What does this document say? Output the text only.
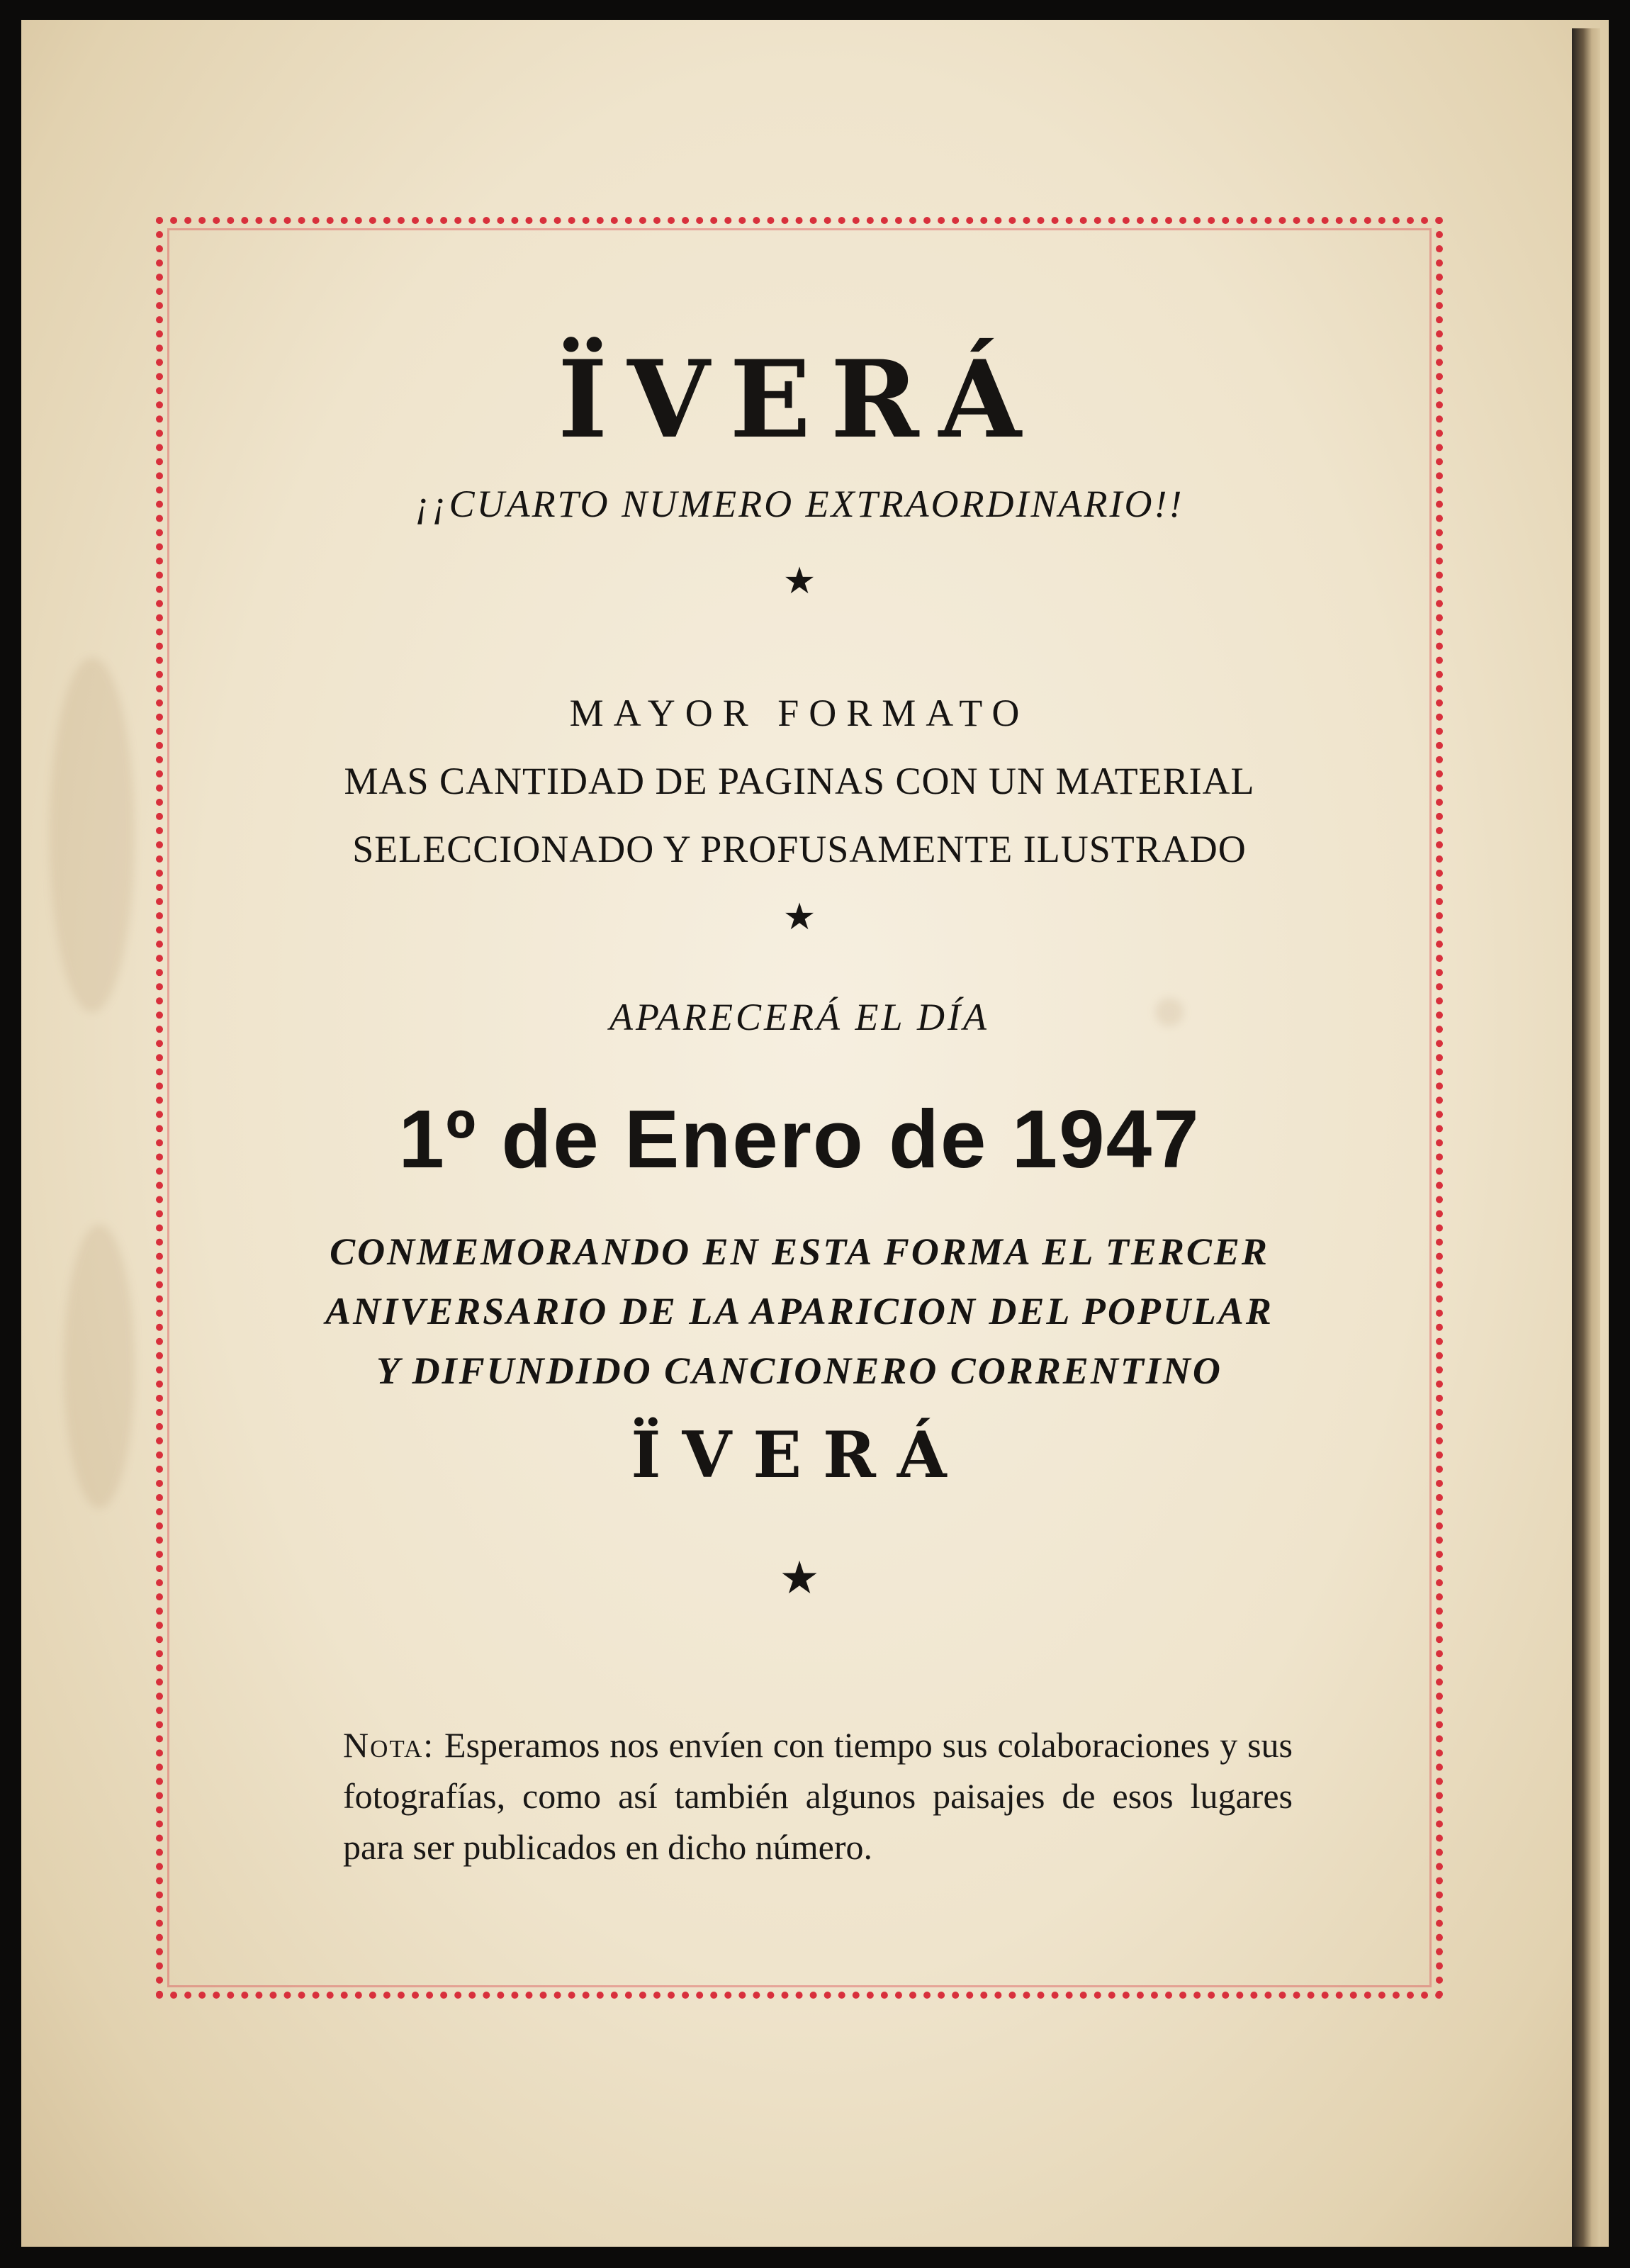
ÏVERÁ
¡¡CUARTO NUMERO EXTRAORDINARIO!!
★
MAYOR FORMATO
MAS CANTIDAD DE PAGINAS CON UN MATERIAL
SELECCIONADO Y PROFUSAMENTE ILUSTRADO
★
APARECERÁ EL DÍA
1º de Enero de 1947
CONMEMORANDO EN ESTA FORMA EL TERCER
ANIVERSARIO DE LA APARICION DEL POPULAR
Y DIFUNDIDO CANCIONERO CORRENTINO
ÏVERÁ
★
Nota: Esperamos nos envíen con tiempo sus colaboraciones y sus fotografías, como así también algunos paisajes de esos lugares para ser publicados en dicho número.
